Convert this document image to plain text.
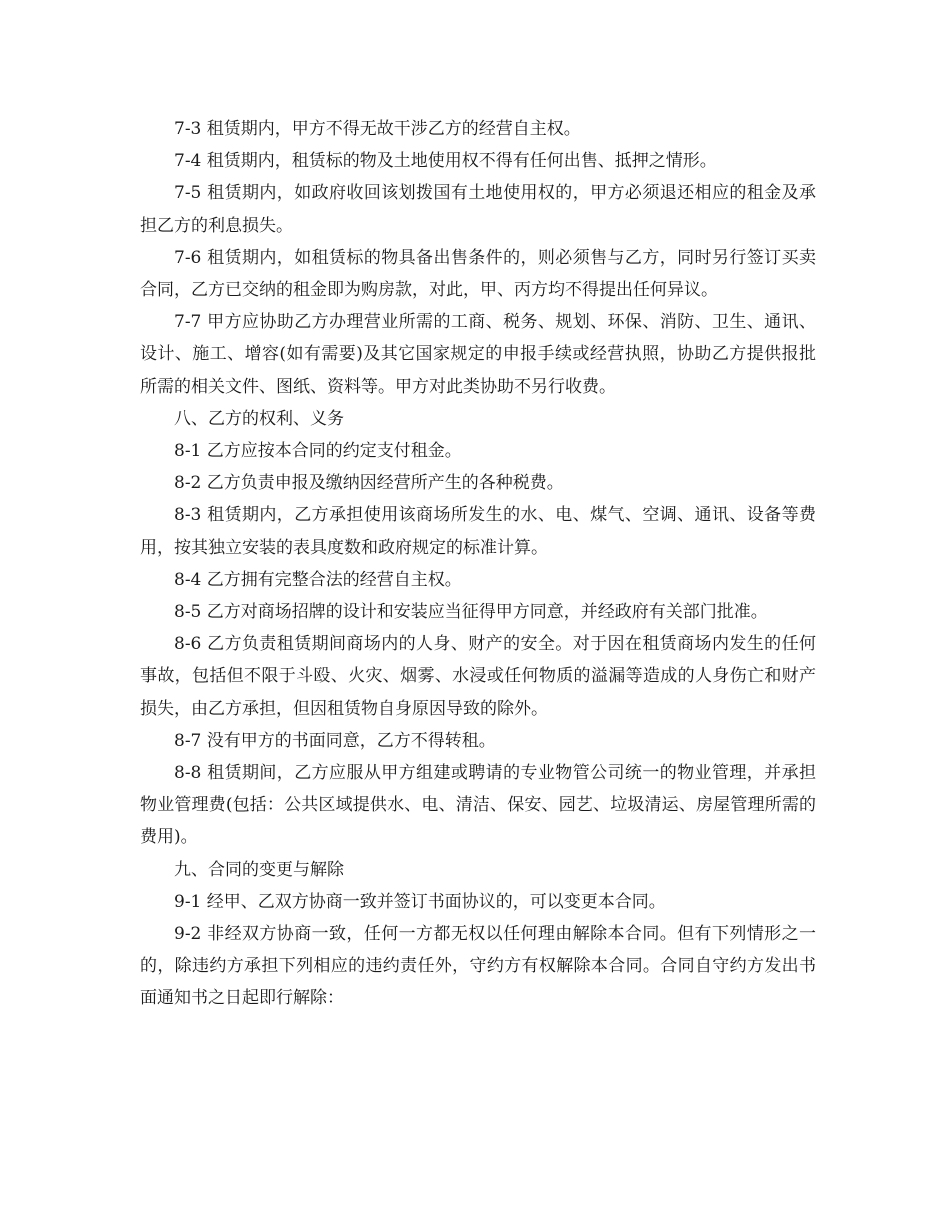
7-3 租赁期内，甲方不得无故干涉乙方的经营自主权。

7-4 租赁期内，租赁标的物及土地使用权不得有任何出售、抵押之情形。

7-5 租赁期内，如政府收回该划拨国有土地使用权的，甲方必须退还相应的租金及承担乙方的利息损失。

7-6 租赁期内，如租赁标的物具备出售条件的，则必须售与乙方，同时另行签订买卖合同，乙方已交纳的租金即为购房款，对此，甲、丙方均不得提出任何异议。

7-7 甲方应协助乙方办理营业所需的工商、税务、规划、环保、消防、卫生、通讯、设计、施工、增容(如有需要)及其它国家规定的申报手续或经营执照，协助乙方提供报批所需的相关文件、图纸、资料等。甲方对此类协助不另行收费。

八、乙方的权利、义务

8-1 乙方应按本合同的约定支付租金。

8-2 乙方负责申报及缴纳因经营所产生的各种税费。

8-3 租赁期内，乙方承担使用该商场所发生的水、电、煤气、空调、通讯、设备等费用，按其独立安装的表具度数和政府规定的标准计算。

8-4 乙方拥有完整合法的经营自主权。

8-5 乙方对商场招牌的设计和安装应当征得甲方同意，并经政府有关部门批准。

8-6 乙方负责租赁期间商场内的人身、财产的安全。对于因在租赁商场内发生的任何事故，包括但不限于斗殴、火灾、烟雾、水浸或任何物质的溢漏等造成的人身伤亡和财产损失，由乙方承担，但因租赁物自身原因导致的除外。

8-7 没有甲方的书面同意，乙方不得转租。

8-8 租赁期间，乙方应服从甲方组建或聘请的专业物管公司统一的物业管理，并承担物业管理费(包括：公共区域提供水、电、清洁、保安、园艺、垃圾清运、房屋管理所需的费用)。

九、合同的变更与解除

9-1 经甲、乙双方协商一致并签订书面协议的，可以变更本合同。

9-2 非经双方协商一致，任何一方都无权以任何理由解除本合同。但有下列情形之一的，除违约方承担下列相应的违约责任外，守约方有权解除本合同。合同自守约方发出书面通知书之日起即行解除：
